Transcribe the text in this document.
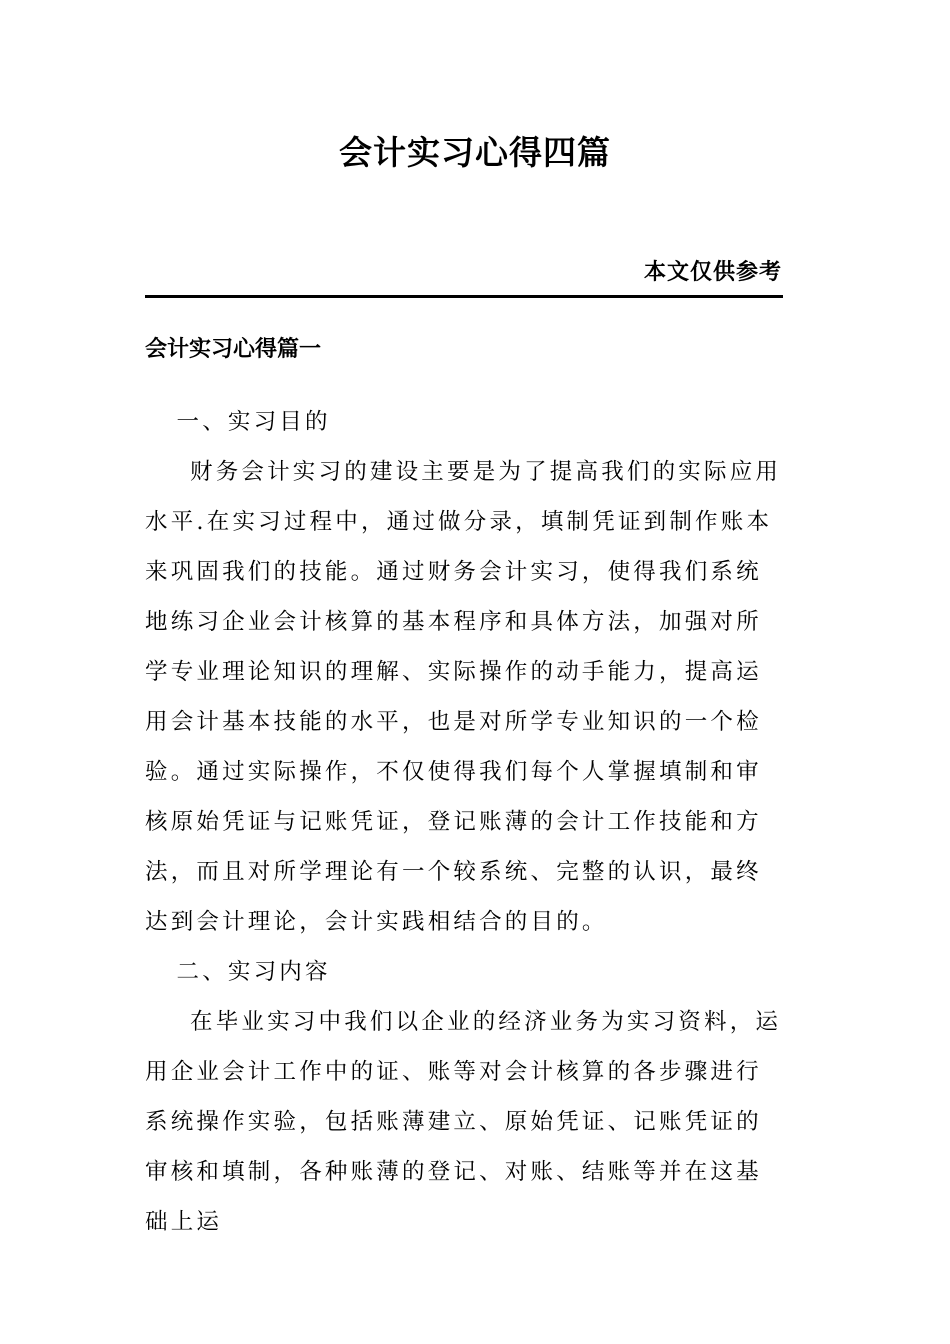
会计实习心得四篇
本文仅供参考
会计实习心得篇一

一、实习目的

财务会计实习的建设主要是为了提高我们的实际应用水平.在实习过程中，通过做分录，填制凭证到制作账本来巩固我们的技能。通过财务会计实习，使得我们系统地练习企业会计核算的基本程序和具体方法，加强对所学专业理论知识的理解、实际操作的动手能力，提高运用会计基本技能的水平，也是对所学专业知识的一个检验。通过实际操作，不仅使得我们每个人掌握填制和审核原始凭证与记账凭证，登记账薄的会计工作技能和方法，而且对所学理论有一个较系统、完整的认识，最终达到会计理论，会计实践相结合的目的。

二、实习内容

在毕业实习中我们以企业的经济业务为实习资料，运用企业会计工作中的证、账等对会计核算的各步骤进行系统操作实验，包括账薄建立、原始凭证、记账凭证的审核和填制，各种账薄的登记、对账、结账等并在这基础上运
